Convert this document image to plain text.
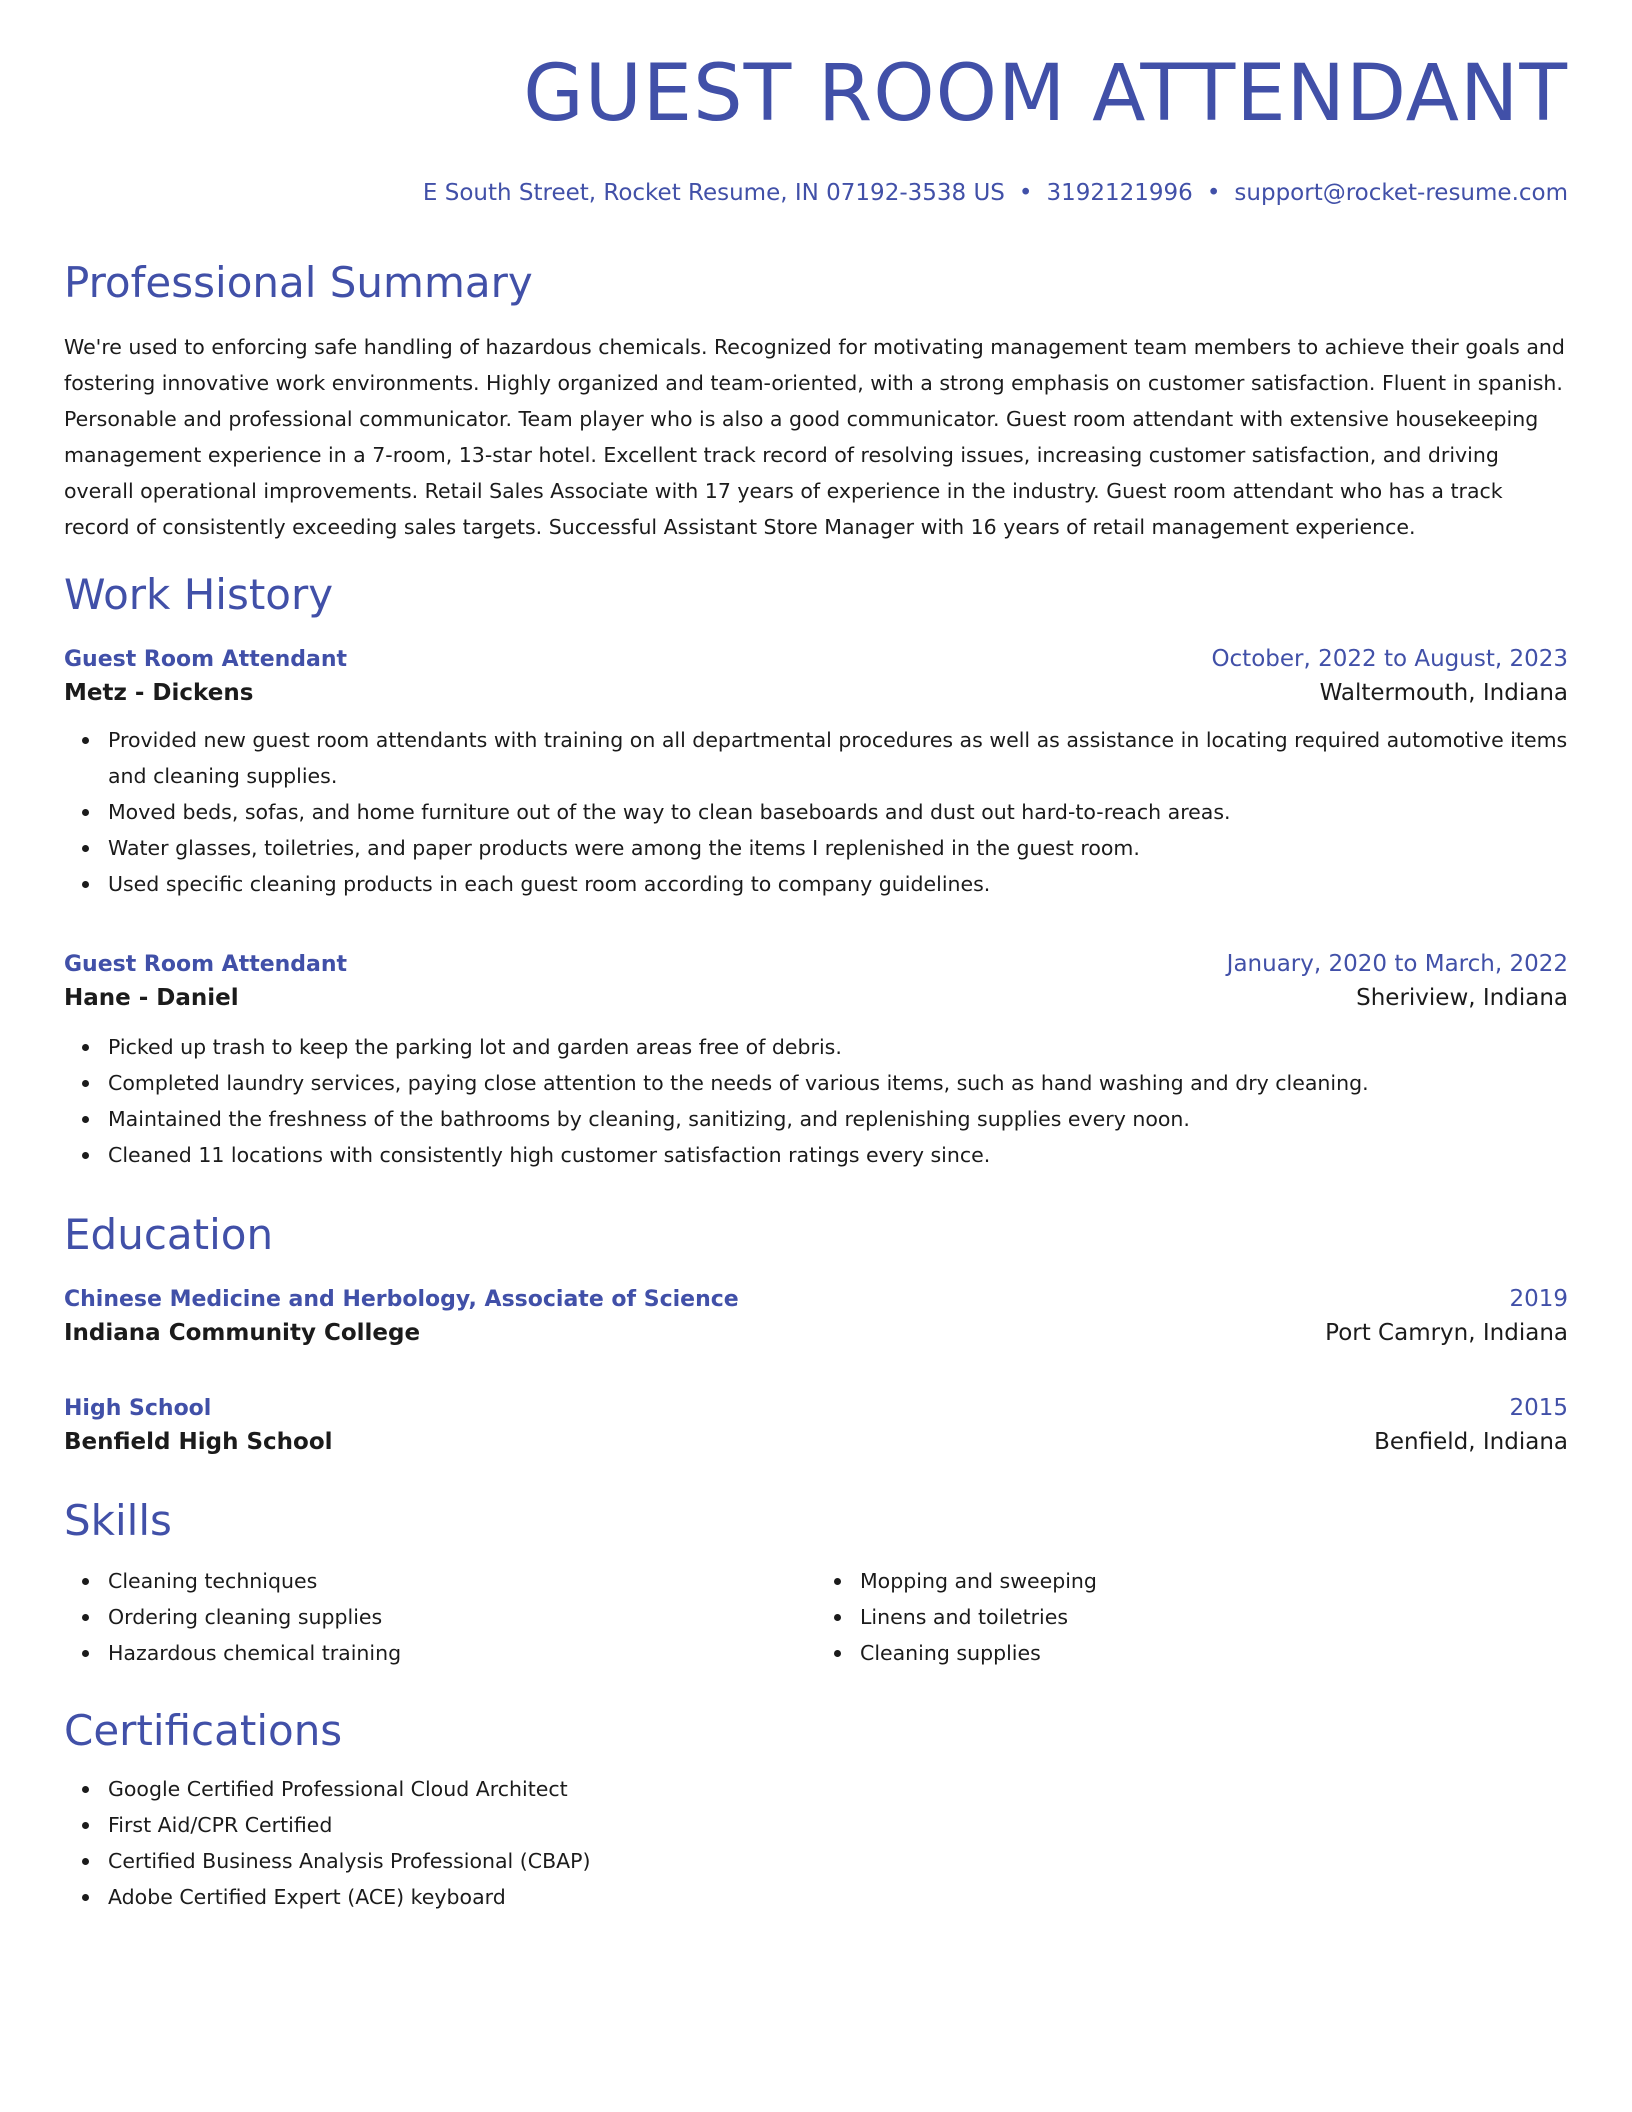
GUEST ROOM ATTENDANT
E South Street, Rocket Resume, IN 07192-3538 US • 3192121996 • support@rocket-resume.com
Professional Summary

We're used to enforcing safe handling of hazardous chemicals. Recognized for motivating management team members to achieve their goals and fostering innovative work environments. Highly organized and team-oriented, with a strong emphasis on customer satisfaction. Fluent in spanish. Personable and professional communicator. Team player who is also a good communicator. Guest room attendant with extensive housekeeping management experience in a 7-room, 13-star hotel. Excellent track record of resolving issues, increasing customer satisfaction, and driving overall operational improvements. Retail Sales Associate with 17 years of experience in the industry. Guest room attendant who has a track record of consistently exceeding sales targets. Successful Assistant Store Manager with 16 years of retail management experience.

Work History
Guest Room Attendant	October, 2022 to August, 2023
Metz - Dickens	Waltermouth, Indiana
Provided new guest room attendants with training on all departmental procedures as well as assistance in locating required automotive items and cleaning supplies.
Moved beds, sofas, and home furniture out of the way to clean baseboards and dust out hard-to-reach areas.
Water glasses, toiletries, and paper products were among the items I replenished in the guest room.
Used specific cleaning products in each guest room according to company guidelines.
Guest Room Attendant	January, 2020 to March, 2022
Hane - Daniel	Sheriview, Indiana
Picked up trash to keep the parking lot and garden areas free of debris.
Completed laundry services, paying close attention to the needs of various items, such as hand washing and dry cleaning.
Maintained the freshness of the bathrooms by cleaning, sanitizing, and replenishing supplies every noon.
Cleaned 11 locations with consistently high customer satisfaction ratings every since.
Education
Chinese Medicine and Herbology, Associate of Science	2019
Indiana Community College	Port Camryn, Indiana
High School	2015
Benfield High School	Benfield, Indiana
Skills
Cleaning techniques
Ordering cleaning supplies
Hazardous chemical training
Mopping and sweeping
Linens and toiletries
Cleaning supplies
Certifications
Google Certified Professional Cloud Architect
First Aid/CPR Certified
Certified Business Analysis Professional (CBAP)
Adobe Certified Expert (ACE) keyboard
